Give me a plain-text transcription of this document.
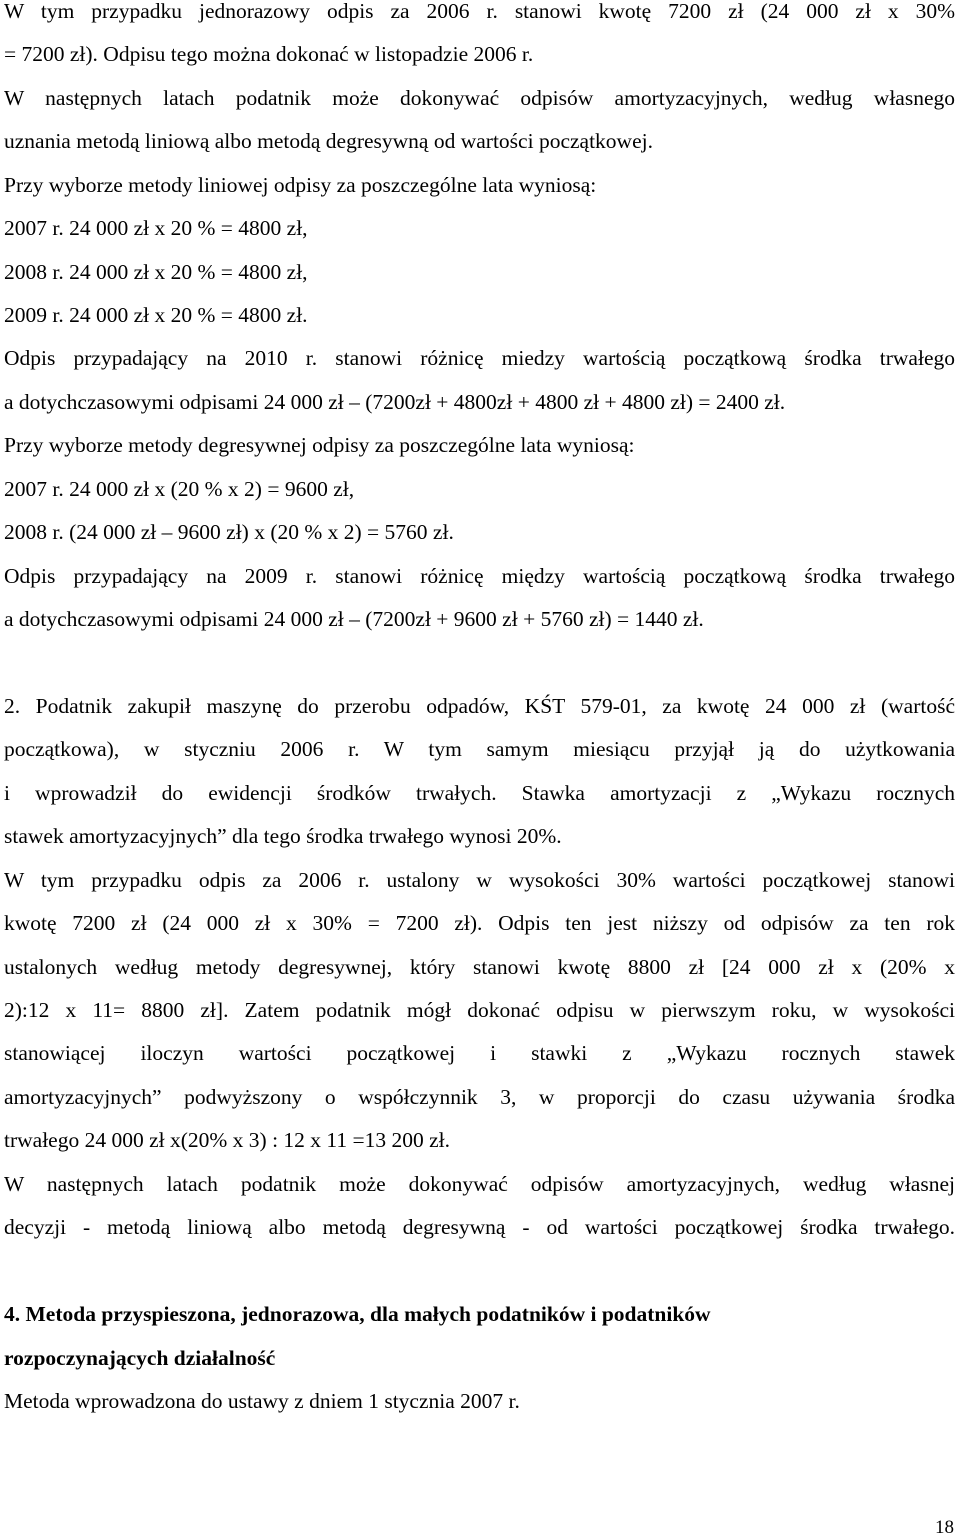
W tym przypadku jednorazowy odpis za 2006 r. stanowi kwotę 7200 zł (24 000 zł x 30%
= 7200 zł). Odpisu tego można dokonać w listopadzie 2006 r.
W następnych latach podatnik może dokonywać odpisów amortyzacyjnych, według własnego
uznania metodą liniową albo metodą degresywną od wartości początkowej.
Przy wyborze metody liniowej odpisy za poszczególne lata wyniosą:
2007 r. 24 000 zł x 20 % = 4800 zł,
2008 r. 24 000 zł x 20 % = 4800 zł,
2009 r. 24 000 zł x 20 % = 4800 zł.
Odpis przypadający na 2010 r. stanowi różnicę miedzy wartością początkową środka trwałego
a dotychczasowymi odpisami 24 000 zł – (7200zł + 4800zł + 4800 zł + 4800 zł) = 2400 zł.
Przy wyborze metody degresywnej odpisy za poszczególne lata wyniosą:
2007 r. 24 000 zł x (20 % x 2) = 9600 zł,
2008 r. (24 000 zł – 9600 zł) x (20 % x 2) = 5760 zł.
Odpis przypadający na 2009 r. stanowi różnicę między wartością początkową środka trwałego
a dotychczasowymi odpisami 24 000 zł – (7200zł + 9600 zł + 5760 zł) = 1440 zł.
2. Podatnik zakupił maszynę do przerobu odpadów, KŚT 579-01, za kwotę 24 000 zł (wartość
początkowa), w styczniu 2006 r. W tym samym miesiącu przyjął ją do użytkowania
i wprowadził do ewidencji środków trwałych. Stawka amortyzacji z „Wykazu rocznych
stawek amortyzacyjnych” dla tego środka trwałego wynosi 20%.
W tym przypadku odpis za 2006 r. ustalony w wysokości 30% wartości początkowej stanowi
kwotę 7200 zł (24 000 zł x 30% = 7200 zł). Odpis ten jest niższy od odpisów za ten rok
ustalonych według metody degresywnej, który stanowi kwotę 8800 zł [24 000 zł x (20% x
2):12 x 11= 8800 zł]. Zatem podatnik mógł dokonać odpisu w pierwszym roku, w wysokości
stanowiącej iloczyn wartości początkowej i stawki z „Wykazu rocznych stawek
amortyzacyjnych” podwyższony o współczynnik 3, w proporcji do czasu używania środka
trwałego 24 000 zł x(20% x 3) : 12 x 11 =13 200 zł.
W następnych latach podatnik może dokonywać odpisów amortyzacyjnych, według własnej
decyzji - metodą liniową albo metodą degresywną - od wartości początkowej środka trwałego.
4. Metoda przyspieszona, jednorazowa, dla małych podatników i podatników
rozpoczynających działalność
Metoda wprowadzona do ustawy z dniem 1 stycznia 2007 r.
18
